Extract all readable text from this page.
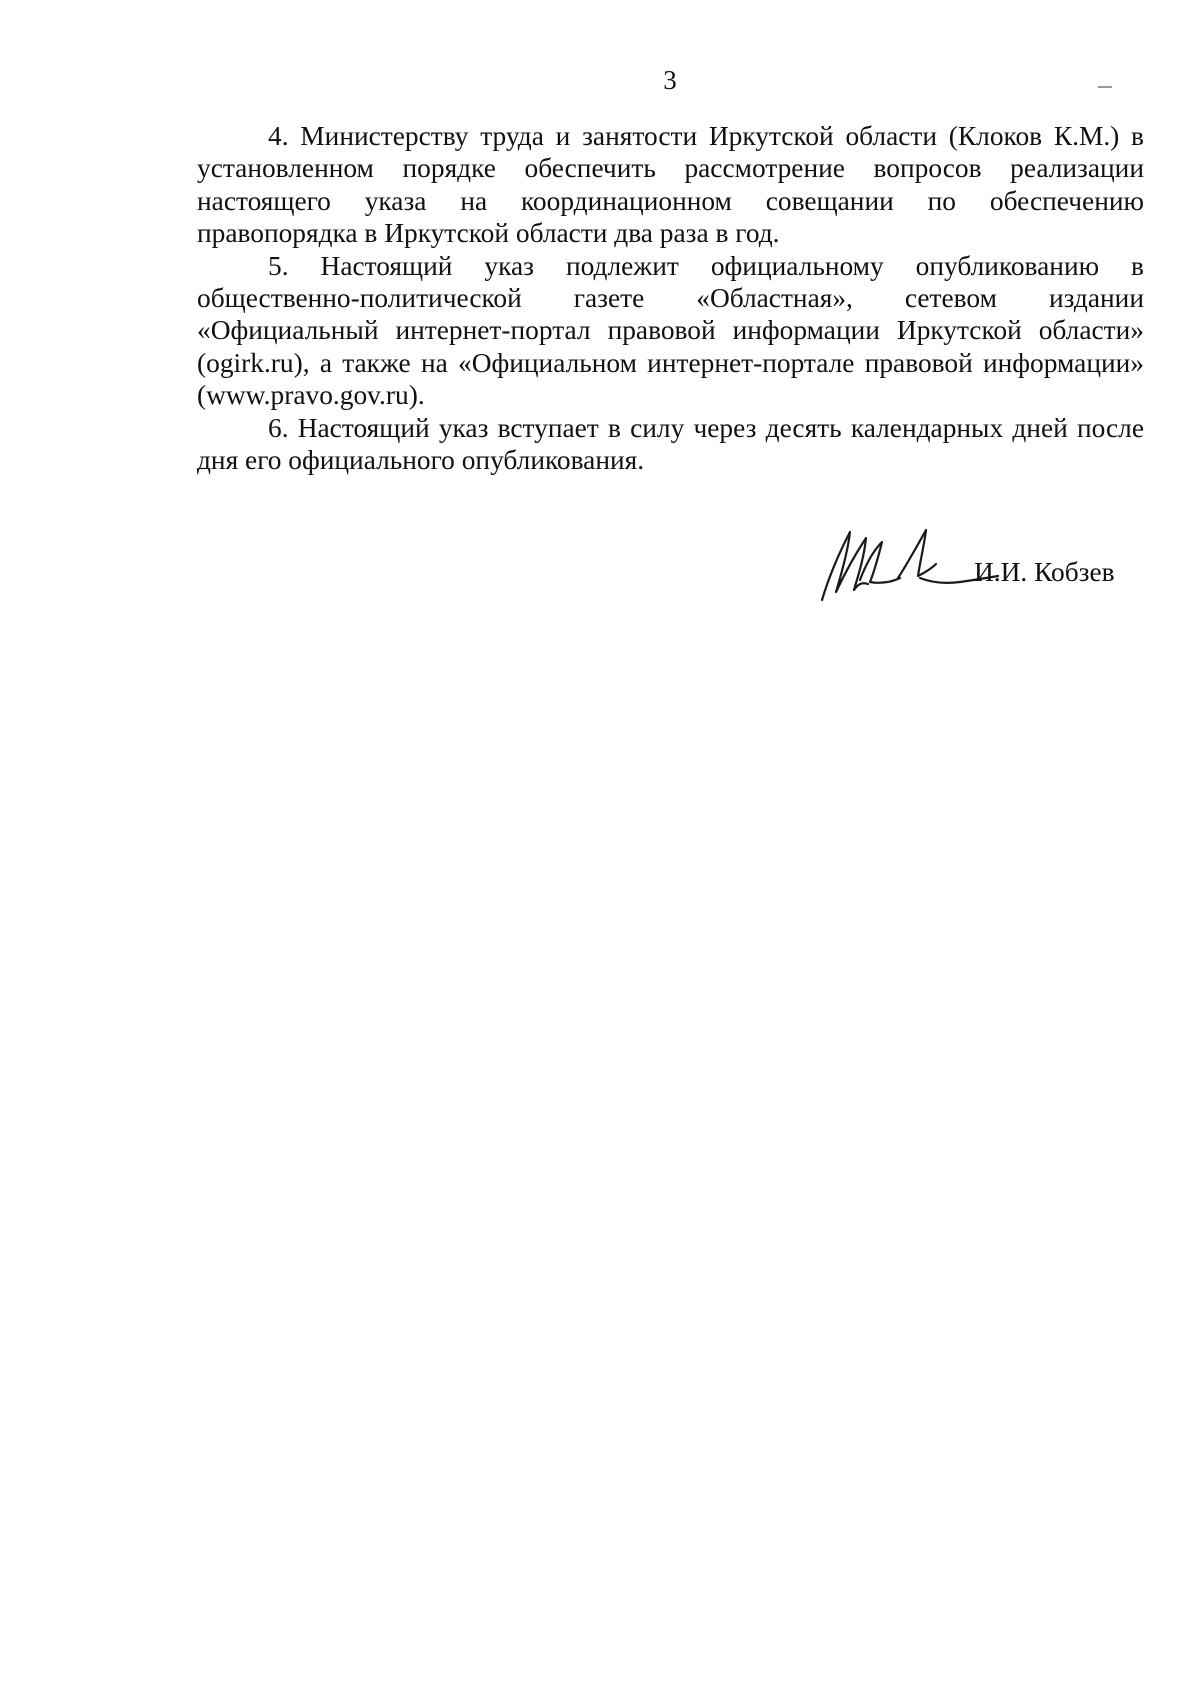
3

4. Министерству труда и занятости Иркутской области (Клоков К.М.) в установленном порядке обеспечить рассмотрение вопросов реализации настоящего указа на координационном совещании по обеспечению правопорядка в Иркутской области два раза в год.

5. Настоящий указ подлежит официальному опубликованию в общественно-политической газете «Областная», сетевом издании «Официальный интернет-портал правовой информации Иркутской области» (ogirk.ru), а также на «Официальном интернет-портале правовой информации» (www.pravo.gov.ru).

6. Настоящий указ вступает в силу через десять календарных дней после дня его официального опубликования.

И.И. Кобзев
